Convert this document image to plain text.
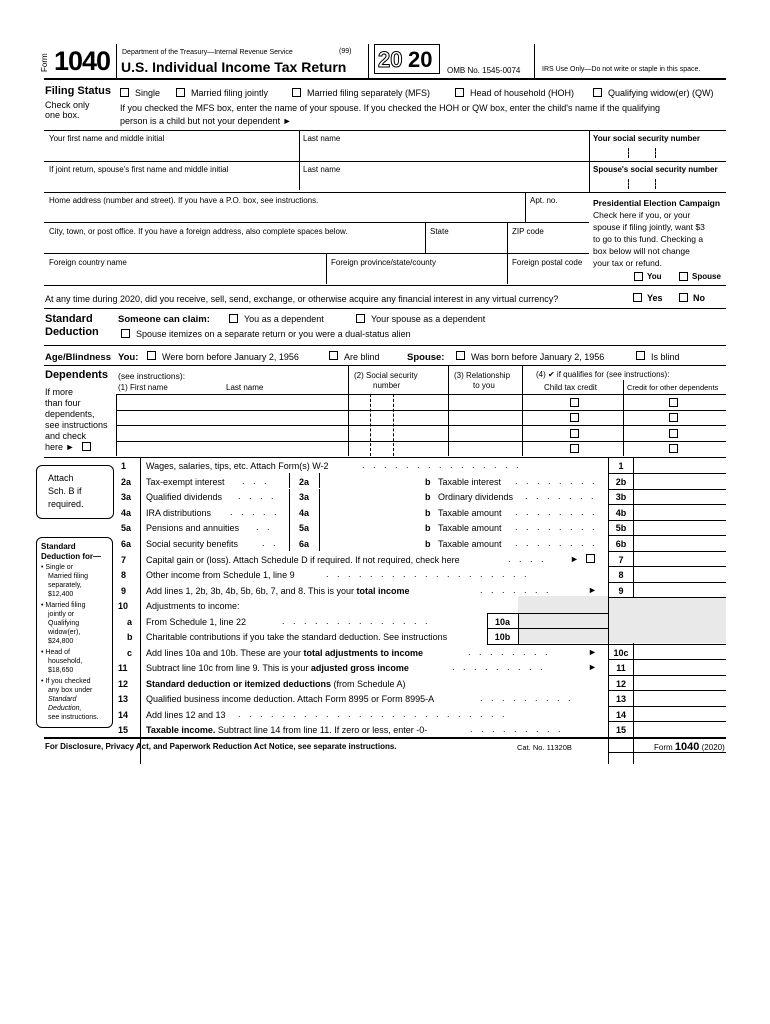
Form 1040 Department of the Treasury—Internal Revenue Service	(99)
U.S. Individual Income Tax Return 20 20 OMB No. 1545-0074	IRS Use Only—Do not write or staple in this space.
Filing Status
Check only
one box.
Single	Married filing jointly	Married filing separately (MFS)	Head of household (HOH)	Qualifying widow(er) (QW)
If you checked the MFS box, enter the name of your spouse. If you checked the HOH or QW box, enter the child's name if the qualifying
person is a child but not your dependent ►
Your first name and middle initial	Last name	Your social security number
If joint return, spouse's first name and middle initial	Last name	Spouse's social security number
Home address (number and street). If you have a P.O. box, see instructions.	Apt. no.
City, town, or post office. If you have a foreign address, also complete spaces below.	State	ZIP code
Foreign country name	Foreign province/state/county	Foreign postal code
Presidential Election Campaign
Check here if you, or your
spouse if filing jointly, want $3
to go to this fund. Checking a
box below will not change
your tax or refund.
You	Spouse
At any time during 2020, did you receive, sell, send, exchange, or otherwise acquire any financial interest in any virtual currency?	Yes	No
Standard
Deduction
Someone can claim:	You as a dependent	Your spouse as a dependent
Spouse itemizes on a separate return or you were a dual-status alien
Age/Blindness You:	Were born before January 2, 1956	Are blind	Spouse:	Was born before January 2, 1956	Is blind
Dependents (see instructions):
(1) First name	Last name
(2) Social security
number
(3) Relationship
to you
(4) ✔ if qualifies for (see instructions):
Child tax credit	Credit for other dependents
If more
than four
dependents,
see instructions
and check
here ►
Attach
Sch. B if
required.
Standard
Deduction for—
• Single or
Married filing
separately,
$12,400
• Married filing
jointly or
Qualifying
widow(er),
$24,800
• Head of
household,
$18,650
• If you checked
any box under
Standard
Deduction,
see instructions.
1 Wages, salaries, tips, etc. Attach Form(s) W-2	. . . . . . . . . . . . . . .	1
2a Tax-exempt interest . . .	2a	b Taxable interest . . . . . . . .	2b
3a Qualified dividends . . . .	3a	b Ordinary dividends . . . . . . .	3b
4a IRA distributions . . . . .	4a	b Taxable amount . . . . . . . .	4b
5a Pensions and annuities . .	5a	b Taxable amount . . . . . . . .	5b
6a Social security benefits	. .	6a	b Taxable amount . . . . . . . .	6b
7 Capital gain or (loss). Attach Schedule D if required. If not required, check here	. . . .	►	7
8 Other income from Schedule 1, line 9	. . . . . . . . . . . . . . . . . . .	8
9 Add lines 1, 2b, 3b, 4b, 5b, 6b, 7, and 8. This is your total income	. . . . . . .	►	9
10 Adjustments to income:
a From Schedule 1, line 22	. . . . . . . . . . . . . .	10a
b Charitable contributions if you take the standard deduction. See instructions	10b
c Add lines 10a and 10b. These are your total adjustments to income	. . . . . . . .	►	10c
11 Subtract line 10c from line 9. This is your adjusted gross income	. . . . . . . . .	►	11
12 Standard deduction or itemized deductions (from Schedule A)	12
13 Qualified business income deduction. Attach Form 8995 or Form 8995-A	. . . . . . . . .	13
14 Add lines 12 and 13 . . . . . . . . . . . . . . . . . . . . . . . . .	14
15 Taxable income. Subtract line 14 from line 11. If zero or less, enter -0-	. . . . . . . . .	15
For Disclosure, Privacy Act, and Paperwork Reduction Act Notice, see separate instructions.	Cat. No. 11320B	Form 1040 (2020)
